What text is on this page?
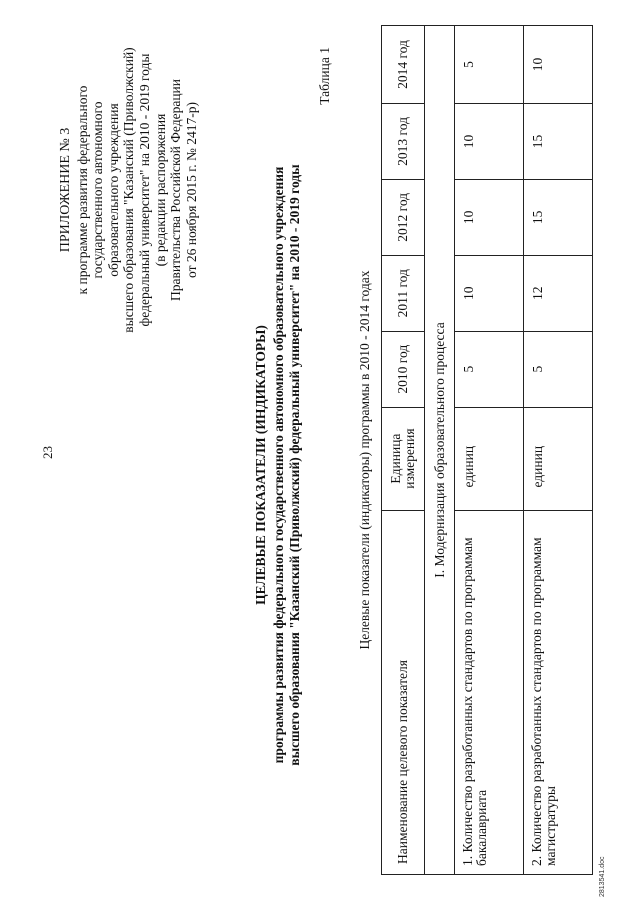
23
ПРИЛОЖЕНИЕ № 3 к программе развития федерального государственного автономного образовательного учреждения высшего образования "Казанский (Приволжский) федеральный университет" на 2010 - 2019 годы (в редакции распоряжения Правительства Российской Федерации от 26 ноября 2015 г. № 2417-р)
Таблица 1
ЦЕЛЕВЫЕ ПОКАЗАТЕЛИ (ИНДИКАТОРЫ) программы развития федерального государственного автономного образовательного учреждения высшего образования "Казанский (Приволжский) федеральный университет" на 2010 - 2019 годы	Целевые показатели (индикаторы) программы в 2010 - 2014 годах
Наименование целевого показателя	Единица измерения	2010 год	2011 год	2012 год	2013 год	2014 год
I. Модернизация образовательного процесса						
1. Количество разработанных стандартов по программам бакалавриата	единиц	5	10	10	10	5
2. Количество разработанных стандартов по программам магистратуры	единиц	5	12	15	15	10
2813541.doc
